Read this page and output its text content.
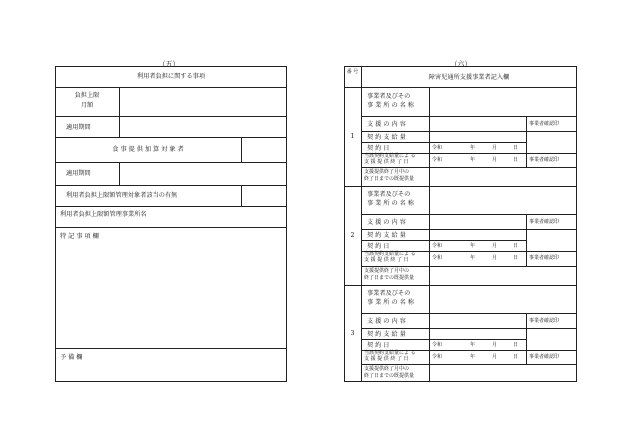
（五）
利用者負担に関する事項
負担上限
月額
適用期間
食 事 提 供 加 算 対 象 者
適用期間
利用者負担上限額管理対象者該当の有無
利用者負担上限額管理事業所名
特 記 事 項 欄
予 備 欄
（六）
番 号
障害児通所支援事業者記入欄
1
事業者及びその
事 業 所 の 名 称
支 援 の 内 容	事業者確認印
契 約 支 給 量
契 約 日	令和	年	月	日
当該契約支給量によ る
支 援 提 供 終 了 日	令和	年	月	日 事業者確認印
支援提供終了月中の
終了日までの既提供量
2
事業者及びその
事 業 所 の 名 称
支 援 の 内 容	事業者確認印
契 約 支 給 量
契 約 日	令和	年	月	日
当該契約支給量によ る
支 援 提 供 終 了 日	令和	年	月	日 事業者確認印
支援提供終了月中の
終了日までの既提供量
3
事業者及びその
事 業 所 の 名 称
支 援 の 内 容	事業者確認印
契 約 支 給 量
契 約 日	令和	年	月	日
当該契約支給量によ る
支 援 提 供 終 了 日	令和	年	月	日 事業者確認印
支援提供終了月中の
終了日までの既提供量
